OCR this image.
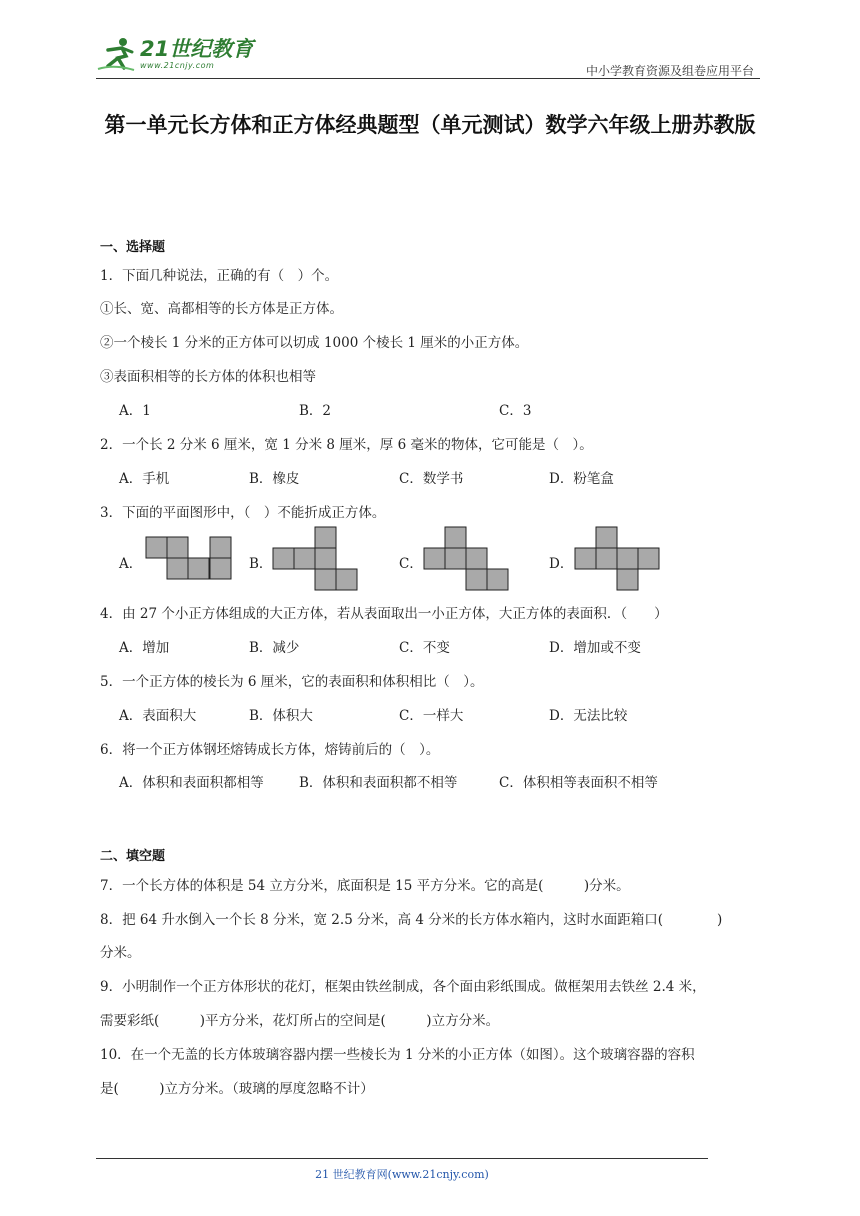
21世纪教育
www.21cnjy.com	中小学教育资源及组卷应用平台
第一单元长方体和正方体经典题型（单元测试）数学六年级上册苏教版
一、选择题
1．下面几种说法，正确的有（　）个。
①长、宽、高都相等的长方体是正方体。
②一个棱长 1 分米的正方体可以切成 1000 个棱长 1 厘米的小正方体。
③表面积相等的长方体的体积也相等
A．1	B．2	C．3
2．一个长 2 分米 6 厘米，宽 1 分米 8 厘米，厚 6 毫米的物体，它可能是（　）。
A．手机	B．橡皮	C．数学书	D．粉笔盒
3．下面的平面图形中，（　）不能折成正方体。
A．	B．	C．	D．
4．由 27 个小正方体组成的大正方体，若从表面取出一小正方体，大正方体的表面积．（　　）
A．增加	B．减少	C．不变	D．增加或不变
5．一个正方体的棱长为 6 厘米，它的表面积和体积相比（　）。
A．表面积大	B．体积大	C．一样大	D．无法比较
6．将一个正方体钢坯熔铸成长方体，熔铸前后的（　）。
A．体积和表面积都相等	B．体积和表面积都不相等	C．体积相等表面积不相等
二、填空题
7．一个长方体的体积是 54 立方分米，底面积是 15 平方分米。它的高是(　　　)分米。
8．把 64 升水倒入一个长 8 分米，宽 2.5 分米，高 4 分米的长方体水箱内，这时水面距箱口(　　　　)
分米。
9．小明制作一个正方体形状的花灯，框架由铁丝制成，各个面由彩纸围成。做框架用去铁丝 2.4 米，
需要彩纸(　　　)平方分米，花灯所占的空间是(　　　)立方分米。
10．在一个无盖的长方体玻璃容器内摆一些棱长为 1 分米的小正方体（如图）。这个玻璃容器的容积
是(　　　)立方分米。（玻璃的厚度忽略不计）
21 世纪教育网(www.21cnjy.com)
